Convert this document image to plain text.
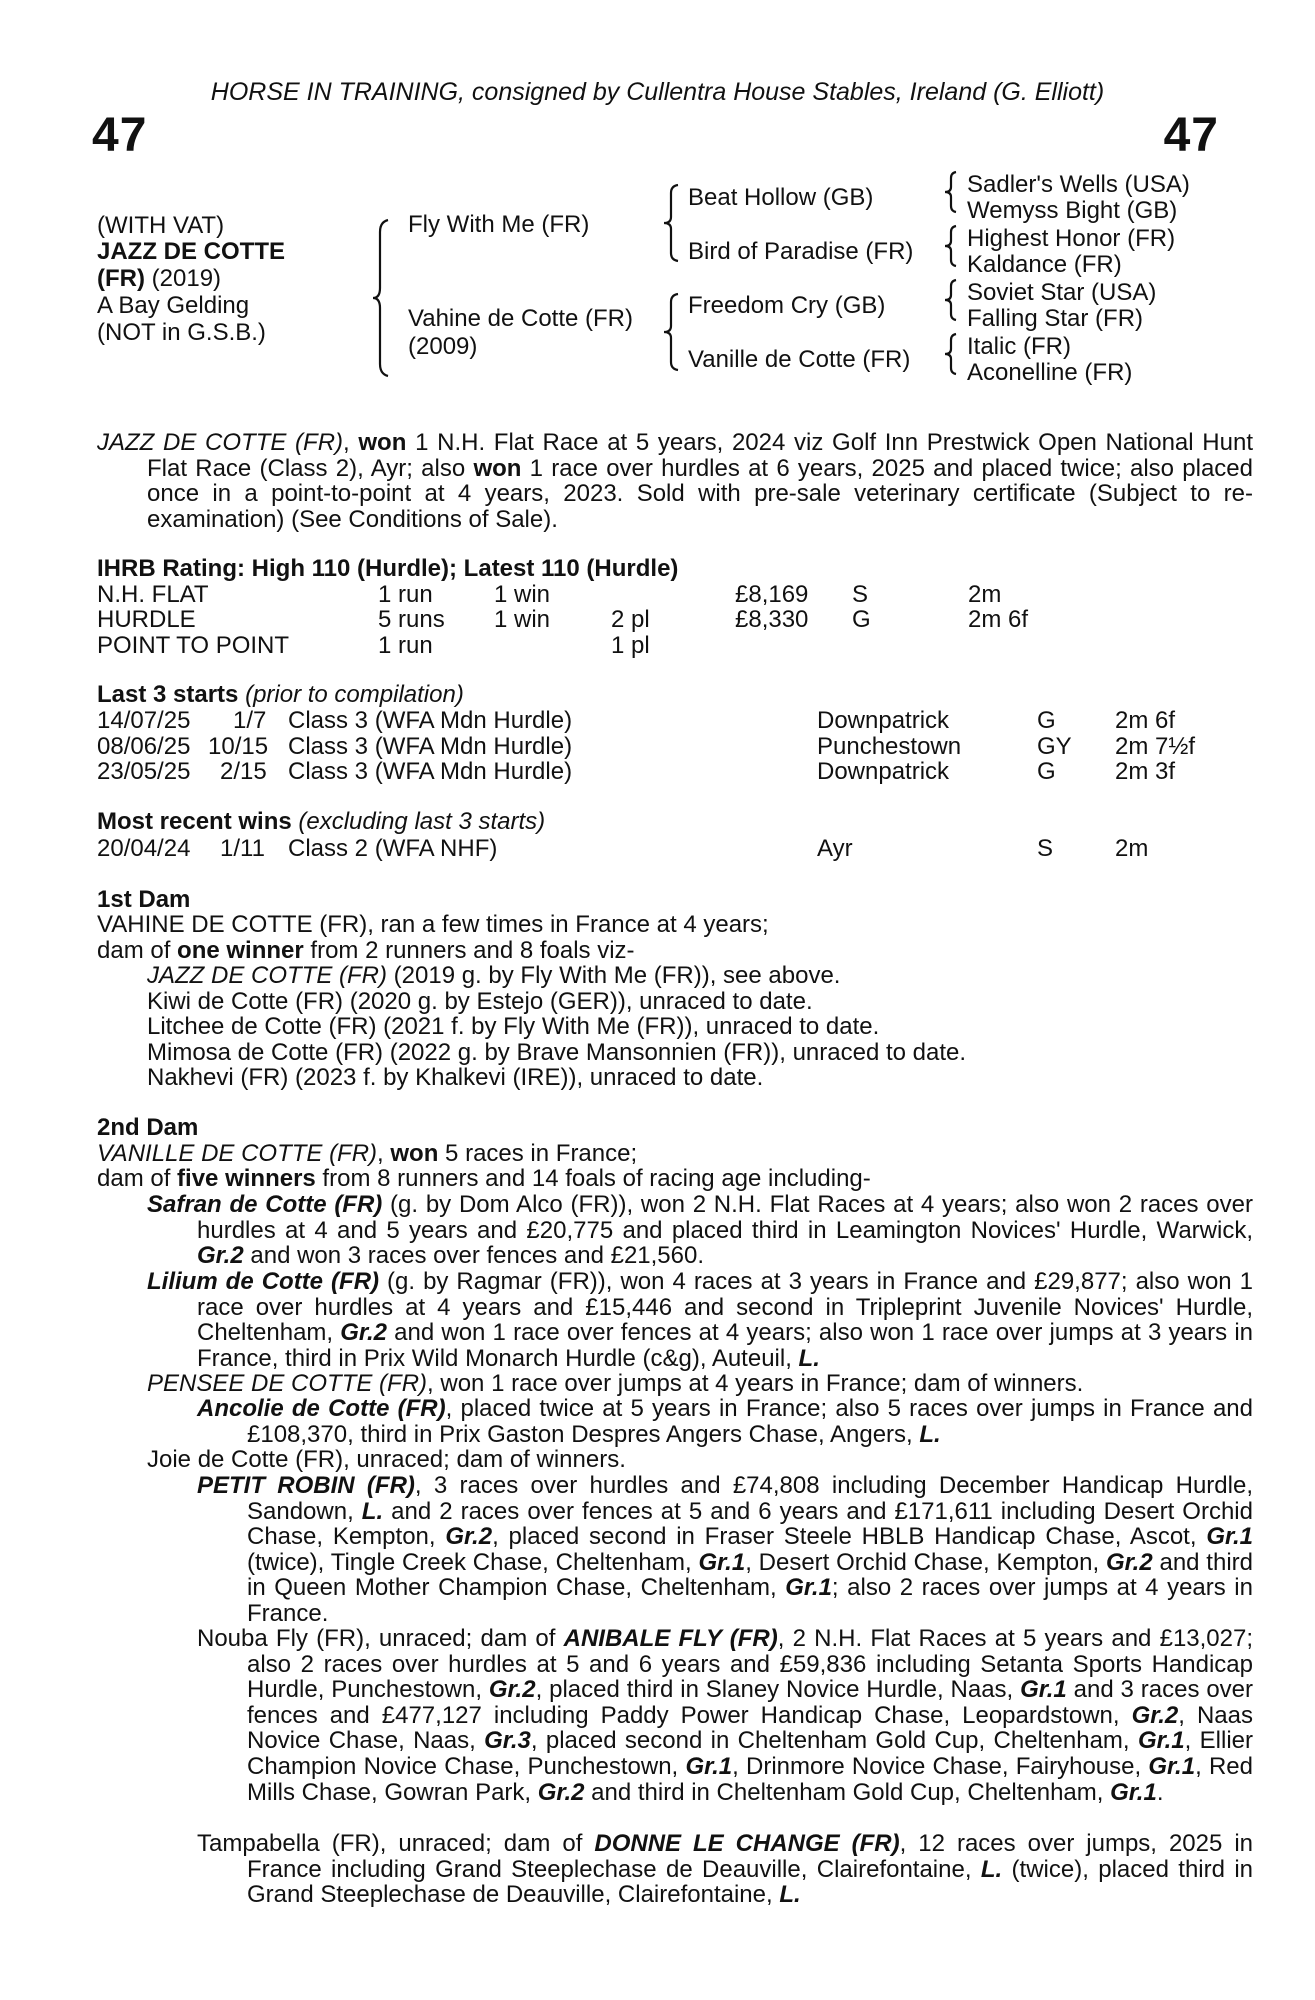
HORSE IN TRAINING, consigned by Cullentra House Stables, Ireland (G. Elliott)
47	47
(WITH VAT)
JAZZ DE COTTE
(FR) (2019)
A Bay Gelding
(NOT in G.S.B.)
Fly With Me (FR)
Vahine de Cotte (FR)
(2009)
Beat Hollow (GB)
Bird of Paradise (FR)
Freedom Cry (GB)
Vanille de Cotte (FR)
Sadler's Wells (USA)
Wemyss Bight (GB)
Highest Honor (FR)
Kaldance (FR)
Soviet Star (USA)
Falling Star (FR)
Italic (FR)
Aconelline (FR)
JAZZ DE COTTE (FR), won 1 N.H. Flat Race at 5 years, 2024 viz Golf Inn Prestwick Open National Hunt Flat Race (Class 2), Ayr; also won 1 race over hurdles at 6 years, 2025 and placed twice; also placed once in a point-to-point at 4 years, 2023. Sold with pre-sale veterinary certificate (Subject to re-examination) (See Conditions of Sale).
IHRB Rating: High 110 (Hurdle); Latest 110 (Hurdle)
N.H. FLAT	1 run	1 win	£8,169 S	2m
HURDLE	5 runs 1 win	2 pl	£8,330 G	2m 6f
POINT TO POINT	1 run	1 pl
Last 3 starts (prior to compilation)
14/07/25 1/7 Class 3 (WFA Mdn Hurdle)	Downpatrick	G 2m 6f
08/06/25 10/15 Class 3 (WFA Mdn Hurdle)	Punchestown	GY 2m 7½f
23/05/25 2/15 Class 3 (WFA Mdn Hurdle)	Downpatrick	G 2m 3f
Most recent wins (excluding last 3 starts)
20/04/24 1/11 Class 2 (WFA NHF)	Ayr	S	2m
1st Dam
VAHINE DE COTTE (FR), ran a few times in France at 4 years;
dam of one winner from 2 runners and 8 foals viz-
JAZZ DE COTTE (FR) (2019 g. by Fly With Me (FR)), see above.
Kiwi de Cotte (FR) (2020 g. by Estejo (GER)), unraced to date.
Litchee de Cotte (FR) (2021 f. by Fly With Me (FR)), unraced to date.
Mimosa de Cotte (FR) (2022 g. by Brave Mansonnien (FR)), unraced to date.
Nakhevi (FR) (2023 f. by Khalkevi (IRE)), unraced to date.
2nd Dam
VANILLE DE COTTE (FR), won 5 races in France;
dam of five winners from 8 runners and 14 foals of racing age including-
Safran de Cotte (FR) (g. by Dom Alco (FR)), won 2 N.H. Flat Races at 4 years; also won 2 races over hurdles at 4 and 5 years and £20,775 and placed third in Leamington Novices' Hurdle, Warwick, Gr.2 and won 3 races over fences and £21,560.
Lilium de Cotte (FR) (g. by Ragmar (FR)), won 4 races at 3 years in France and £29,877; also won 1 race over hurdles at 4 years and £15,446 and second in Tripleprint Juvenile Novices' Hurdle, Cheltenham, Gr.2 and won 1 race over fences at 4 years; also won 1 race over jumps at 3 years in France, third in Prix Wild Monarch Hurdle (c&g), Auteuil, L.
PENSEE DE COTTE (FR), won 1 race over jumps at 4 years in France; dam of winners.
Ancolie de Cotte (FR), placed twice at 5 years in France; also 5 races over jumps in France and £108,370, third in Prix Gaston Despres Angers Chase, Angers, L.
Joie de Cotte (FR), unraced; dam of winners.
PETIT ROBIN (FR), 3 races over hurdles and £74,808 including December Handicap Hurdle, Sandown, L. and 2 races over fences at 5 and 6 years and £171,611 including Desert Orchid Chase, Kempton, Gr.2, placed second in Fraser Steele HBLB Handicap Chase, Ascot, Gr.1 (twice), Tingle Creek Chase, Cheltenham, Gr.1, Desert Orchid Chase, Kempton, Gr.2 and third in Queen Mother Champion Chase, Cheltenham, Gr.1; also 2 races over jumps at 4 years in France.
Nouba Fly (FR), unraced; dam of ANIBALE FLY (FR), 2 N.H. Flat Races at 5 years and £13,027; also 2 races over hurdles at 5 and 6 years and £59,836 including Setanta Sports Handicap Hurdle, Punchestown, Gr.2, placed third in Slaney Novice Hurdle, Naas, Gr.1 and 3 races over fences and £477,127 including Paddy Power Handicap Chase, Leopardstown, Gr.2, Naas Novice Chase, Naas, Gr.3, placed second in Cheltenham Gold Cup, Cheltenham, Gr.1, Ellier Champion Novice Chase, Punchestown, Gr.1, Drinmore Novice Chase, Fairyhouse, Gr.1, Red Mills Chase, Gowran Park, Gr.2 and third in Cheltenham Gold Cup, Cheltenham, Gr.1.
Tampabella (FR), unraced; dam of DONNE LE CHANGE (FR), 12 races over jumps, 2025 in France including Grand Steeplechase de Deauville, Clairefontaine, L. (twice), placed third in Grand Steeplechase de Deauville, Clairefontaine, L.
